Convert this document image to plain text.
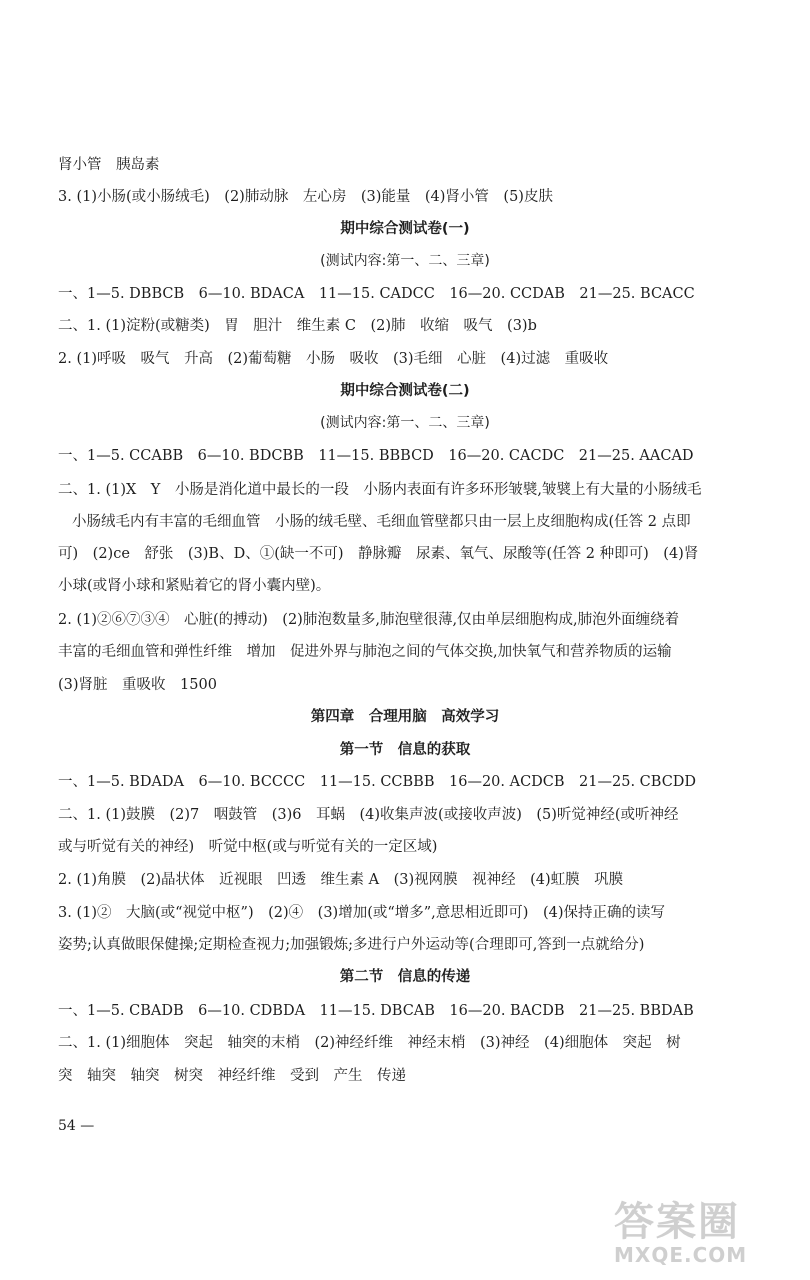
肾小管　胰岛素
3. (1)小肠(或小肠绒毛)　(2)肺动脉　左心房　(3)能量　(4)肾小管　(5)皮肤
期中综合测试卷(一)
(测试内容:第一、二、三章)
一、1—5. DBBCB　6—10. BDACA　11—15. CADCC　16—20. CCDAB　21—25. BCACC
二、1. (1)淀粉(或糖类)　胃　胆汁　维生素 C　(2)肺　收缩　吸气　(3)b
2. (1)呼吸　吸气　升高　(2)葡萄糖　小肠　吸收　(3)毛细　心脏　(4)过滤　重吸收
期中综合测试卷(二)
(测试内容:第一、二、三章)
一、1—5. CCABB　6—10. BDCBB　11—15. BBBCD　16—20. CACDC　21—25. AACAD
二、1. (1)X　Y　小肠是消化道中最长的一段　小肠内表面有许多环形皱襞,皱襞上有大量的小肠绒毛
小肠绒毛内有丰富的毛细血管　小肠的绒毛壁、毛细血管壁都只由一层上皮细胞构成(任答 2 点即
可)　(2)ce　舒张　(3)B、D、①(缺一不可)　静脉瓣　尿素、氧气、尿酸等(任答 2 种即可)　(4)肾
小球(或肾小球和紧贴着它的肾小囊内壁)。
2. (1)②⑥⑦③④　心脏(的搏动)　(2)肺泡数量多,肺泡壁很薄,仅由单层细胞构成,肺泡外面缠绕着
丰富的毛细血管和弹性纤维　增加　促进外界与肺泡之间的气体交换,加快氧气和营养物质的运输
(3)肾脏　重吸收　1500
第四章　合理用脑　高效学习
第一节　信息的获取
一、1—5. BDADA　6—10. BCCCC　11—15. CCBBB　16—20. ACDCB　21—25. CBCDD
二、1. (1)鼓膜　(2)7　咽鼓管　(3)6　耳蜗　(4)收集声波(或接收声波)　(5)听觉神经(或听神经
或与听觉有关的神经)　听觉中枢(或与听觉有关的一定区域)
2. (1)角膜　(2)晶状体　近视眼　凹透　维生素 A　(3)视网膜　视神经　(4)虹膜　巩膜
3. (1)②　大脑(或“视觉中枢”)　(2)④　(3)增加(或“增多”,意思相近即可)　(4)保持正确的读写
姿势;认真做眼保健操;定期检查视力;加强锻炼;多进行户外运动等(合理即可,答到一点就给分)
第二节　信息的传递
一、1—5. CBADB　6—10. CDBDA　11—15. DBCAB　16—20. BACDB　21—25. BBDAB
二、1. (1)细胞体　突起　轴突的末梢　(2)神经纤维　神经末梢　(3)神经　(4)细胞体　突起　树
突　轴突　轴突　树突　神经纤维　受到　产生　传递
54 —
答案圈
MXQE.COM
